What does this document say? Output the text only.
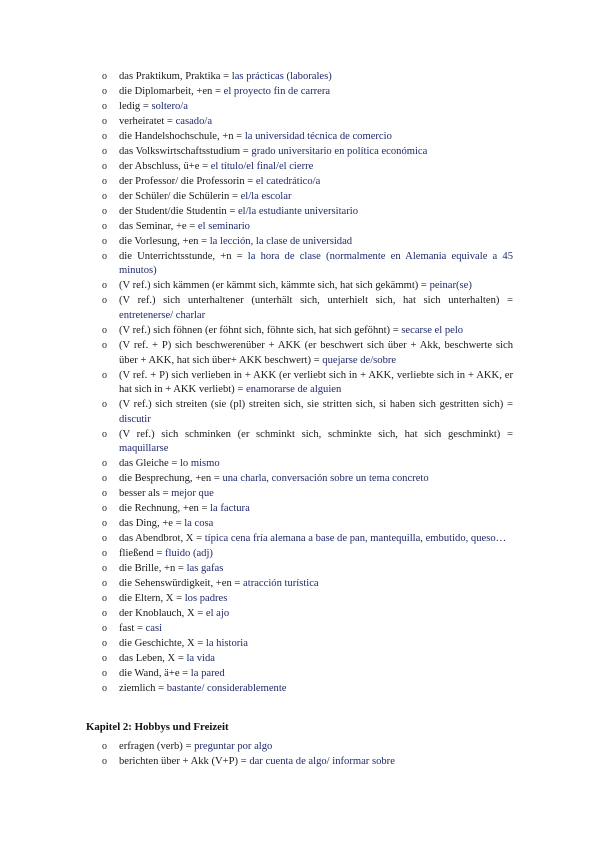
o das Praktikum, Praktika = las prácticas (laborales)
o die Diplomarbeit, +en = el proyecto fin de carrera
o ledig = soltero/a
o verheiratet = casado/a
o die Handelshochschule, +n = la universidad técnica de comercio
o das Volkswirtschaftsstudium = grado universitario en política económica
o der Abschluss, ü+e = el título/el final/el cierre
o der Professor/ die Professorin = el catedrático/a
o der Schüler/ die Schülerin = el/la escolar
o der Student/die Studentin = el/la estudiante universitario
o das Seminar, +e = el seminario
o die Vorlesung, +en = la lección, la clase de universidad
o die Unterrichtsstunde, +n = la hora de clase (normalmente en Alemania equivale a 45 minutos)
o (V ref.) sich kämmen (er kämmt sich, kämmte sich, hat sich gekämmt) = peinar(se)
o (V ref.) sich unterhaltener (unterhält sich, unterhielt sich, hat sich unterhalten) = entretenerse/ charlar
o (V ref.) sich föhnen (er föhnt sich, föhnte sich, hat sich geföhnt) = secarse el pelo
o (V ref. + P) sich beschwerenüber + AKK (er beschwert sich über + Akk, beschwerte sich über + AKK, hat sich über+ AKK beschwert) = quejarse de/sobre
o (V ref. + P) sich verlieben in + AKK (er verliebt sich in + AKK, verliebte sich in + AKK, er hat sich in + AKK verliebt) = enamorarse de alguien
o (V ref.) sich streiten (sie (pl) streiten sich, sie stritten sich, si haben sich gestritten sich) = discutir
o (V ref.) sich schminken (er schminkt sich, schminkte sich, hat sich geschminkt) = maquillarse
o das Gleiche = lo mismo
o die Besprechung, +en = una charla, conversación sobre un tema concreto
o besser als = mejor que
o die Rechnung, +en = la factura
o das Ding, +e = la cosa
o das Abendbrot, X = típica cena fría alemana a base de pan, mantequilla, embutido, queso…
o fließend = fluido (adj)
o die Brille, +n = las gafas
o die Sehenswürdigkeit, +en = atracción turística
o die Eltern, X = los padres
o der Knoblauch, X = el ajo
o fast = casi
o die Geschichte, X = la historia
o das Leben, X = la vida
o die Wand, ä+e = la pared
o ziemlich = bastante/ considerablemente
Kapitel 2: Hobbys und Freizeit
o erfragen (verb) = preguntar por algo
o berichten über + Akk (V+P) = dar cuenta de algo/ informar sobre
